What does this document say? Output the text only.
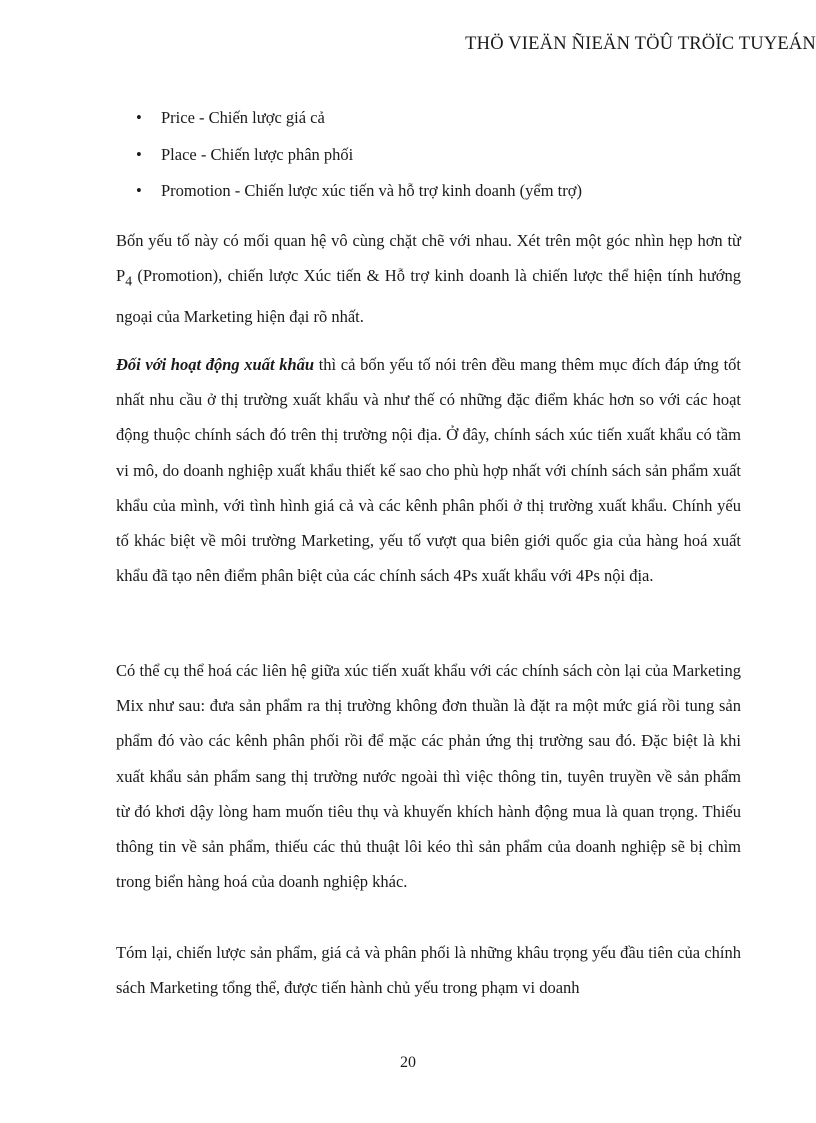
THÖ VIEÄN ÑIEÄN TÖÛ TRÖÏC TUYEÁN
• Price - Chiến lược giá cả
• Place - Chiến lược phân phối
• Promotion - Chiến lược xúc tiến và hỗ trợ kinh doanh (yểm trợ)

Bốn yếu tố này có mối quan hệ vô cùng chặt chẽ với nhau. Xét trên một góc nhìn hẹp hơn từ $P_4$ (Promotion), chiến lược Xúc tiến & Hỗ trợ kinh doanh là chiến lược thể hiện tính hướng ngoại của Marketing hiện đại rõ nhất.

Đối với hoạt động xuất khẩu thì cả bốn yếu tố nói trên đều mang thêm mục đích đáp ứng tốt nhất nhu cầu ở thị trường xuất khẩu và như thế có những đặc điểm khác hơn so với các hoạt động thuộc chính sách đó trên thị trường nội địa. Ở đây, chính sách xúc tiến xuất khẩu có tầm vi mô, do doanh nghiệp xuất khẩu thiết kế sao cho phù hợp nhất với chính sách sản phẩm xuất khẩu của mình, với tình hình giá cả và các kênh phân phối ở thị trường xuất khẩu. Chính yếu tố khác biệt về môi trường Marketing, yếu tố vượt qua biên giới quốc gia của hàng hoá xuất khẩu đã tạo nên điểm phân biệt của các chính sách 4Ps xuất khẩu với 4Ps nội địa.

Có thể cụ thể hoá các liên hệ giữa xúc tiến xuất khẩu với các chính sách còn lại của Marketing Mix như sau: đưa sản phẩm ra thị trường không đơn thuần là đặt ra một mức giá rồi tung sản phẩm đó vào các kênh phân phối rồi để mặc các phản ứng thị trường sau đó. Đặc biệt là khi xuất khẩu sản phẩm sang thị trường nước ngoài thì việc thông tin, tuyên truyền về sản phẩm từ đó khơi dậy lòng ham muốn tiêu thụ và khuyến khích hành động mua là quan trọng. Thiếu thông tin về sản phẩm, thiếu các thủ thuật lôi kéo thì sản phẩm của doanh nghiệp sẽ bị chìm trong biển hàng hoá của doanh nghiệp khác.

Tóm lại, chiến lược sản phẩm, giá cả và phân phối là những khâu trọng yếu đầu tiên của chính sách Marketing tổng thể, được tiến hành chủ yếu trong phạm vi doanh

20
